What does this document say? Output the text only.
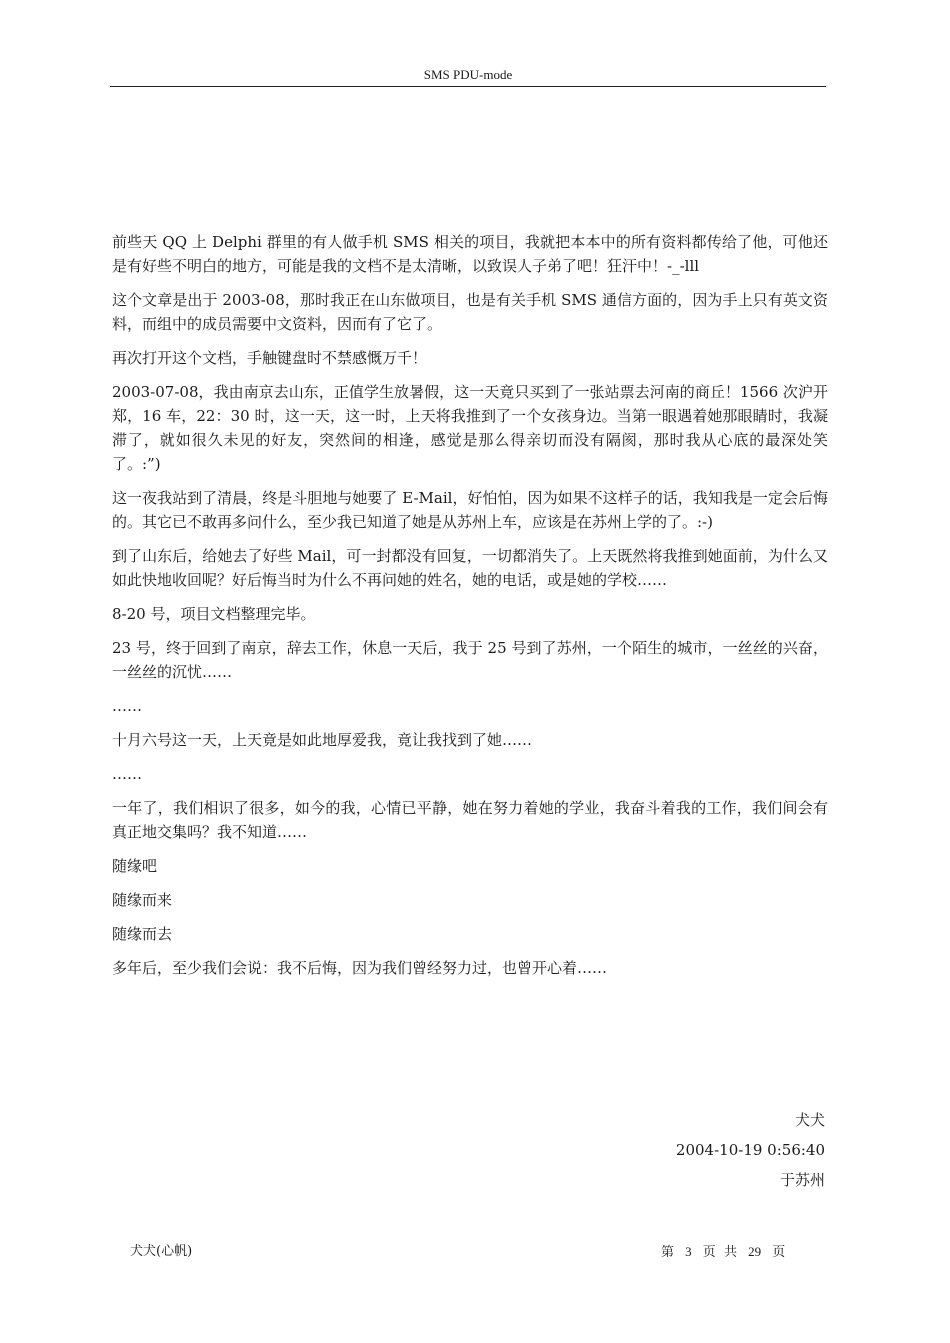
SMS PDU-mode

前些天 QQ 上 Delphi 群里的有人做手机 SMS 相关的项目，我就把本本中的所有资料都传给了他，可他还是有好些不明白的地方，可能是我的文档不是太清晰，以致误人子弟了吧！狂汗中！-_-lll

这个文章是出于 2003-08，那时我正在山东做项目，也是有关手机 SMS 通信方面的，因为手上只有英文资料，而组中的成员需要中文资料，因而有了它了。

再次打开这个文档，手触键盘时不禁感慨万千！

2003-07-08，我由南京去山东，正值学生放暑假，这一天竟只买到了一张站票去河南的商丘！1566 次沪开郑，16 车，22：30 时，这一天，这一时，上天将我推到了一个女孩身边。当第一眼遇着她那眼睛时，我凝滞了，就如很久未见的好友，突然间的相逢，感觉是那么得亲切而没有隔阂，那时我从心底的最深处笑了。:”)

这一夜我站到了清晨，终是斗胆地与她要了 E-Mail，好怕怕，因为如果不这样子的话，我知我是一定会后悔的。其它已不敢再多问什么，至少我已知道了她是从苏州上车，应该是在苏州上学的了。:-)

到了山东后，给她去了好些 Mail，可一封都没有回复，一切都消失了。上天既然将我推到她面前，为什么又如此快地收回呢？好后悔当时为什么不再问她的姓名，她的电话，或是她的学校……

8-20 号，项目文档整理完毕。

23 号，终于回到了南京，辞去工作，休息一天后，我于 25 号到了苏州，一个陌生的城市，一丝丝的兴奋，一丝丝的沉忧……

……

十月六号这一天，上天竟是如此地厚爱我，竟让我找到了她……

……

一年了，我们相识了很多，如今的我，心情已平静，她在努力着她的学业，我奋斗着我的工作，我们间会有真正地交集吗？我不知道……

随缘吧

随缘而来

随缘而去

多年后，至少我们会说：我不后悔，因为我们曾经努力过，也曾开心着……

犬犬
2004-10-19 0:56:40
于苏州
犬犬(心帆)	第 3 页 共 29 页
